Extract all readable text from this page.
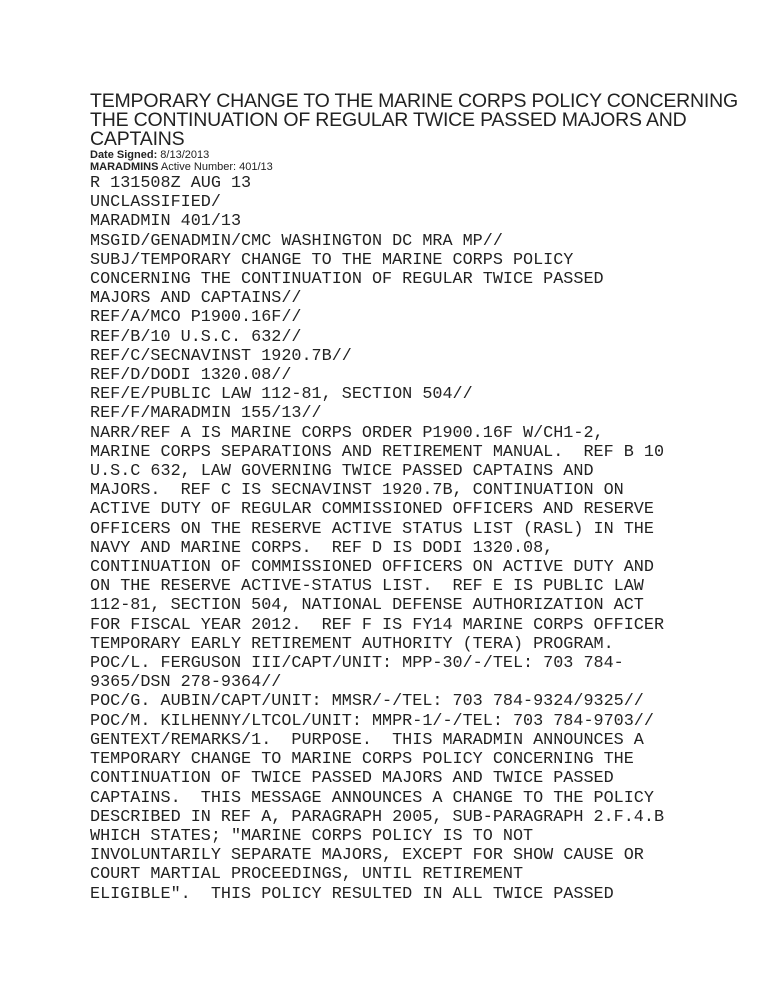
TEMPORARY CHANGE TO THE MARINE CORPS POLICY CONCERNING
THE CONTINUATION OF REGULAR TWICE PASSED MAJORS AND
CAPTAINS
Date Signed: 8/13/2013
MARADMINS Active Number: 401/13
R 131508Z AUG 13
UNCLASSIFIED/
MARADMIN 401/13
MSGID/GENADMIN/CMC WASHINGTON DC MRA MP//
SUBJ/TEMPORARY CHANGE TO THE MARINE CORPS POLICY
CONCERNING THE CONTINUATION OF REGULAR TWICE PASSED
MAJORS AND CAPTAINS//
REF/A/MCO P1900.16F//
REF/B/10 U.S.C. 632//
REF/C/SECNAVINST 1920.7B//
REF/D/DODI 1320.08//
REF/E/PUBLIC LAW 112-81, SECTION 504//
REF/F/MARADMIN 155/13//
NARR/REF A IS MARINE CORPS ORDER P1900.16F W/CH1-2,
MARINE CORPS SEPARATIONS AND RETIREMENT MANUAL.  REF B 10
U.S.C 632, LAW GOVERNING TWICE PASSED CAPTAINS AND
MAJORS.  REF C IS SECNAVINST 1920.7B, CONTINUATION ON
ACTIVE DUTY OF REGULAR COMMISSIONED OFFICERS AND RESERVE
OFFICERS ON THE RESERVE ACTIVE STATUS LIST (RASL) IN THE
NAVY AND MARINE CORPS.  REF D IS DODI 1320.08,
CONTINUATION OF COMMISSIONED OFFICERS ON ACTIVE DUTY AND
ON THE RESERVE ACTIVE-STATUS LIST.  REF E IS PUBLIC LAW
112-81, SECTION 504, NATIONAL DEFENSE AUTHORIZATION ACT
FOR FISCAL YEAR 2012.  REF F IS FY14 MARINE CORPS OFFICER
TEMPORARY EARLY RETIREMENT AUTHORITY (TERA) PROGRAM.
POC/L. FERGUSON III/CAPT/UNIT: MPP-30/-/TEL: 703 784-
9365/DSN 278-9364//
POC/G. AUBIN/CAPT/UNIT: MMSR/-/TEL: 703 784-9324/9325//
POC/M. KILHENNY/LTCOL/UNIT: MMPR-1/-/TEL: 703 784-9703//
GENTEXT/REMARKS/1.  PURPOSE.  THIS MARADMIN ANNOUNCES A
TEMPORARY CHANGE TO MARINE CORPS POLICY CONCERNING THE
CONTINUATION OF TWICE PASSED MAJORS AND TWICE PASSED
CAPTAINS.  THIS MESSAGE ANNOUNCES A CHANGE TO THE POLICY
DESCRIBED IN REF A, PARAGRAPH 2005, SUB-PARAGRAPH 2.F.4.B
WHICH STATES; "MARINE CORPS POLICY IS TO NOT
INVOLUNTARILY SEPARATE MAJORS, EXCEPT FOR SHOW CAUSE OR
COURT MARTIAL PROCEEDINGS, UNTIL RETIREMENT
ELIGIBLE".  THIS POLICY RESULTED IN ALL TWICE PASSED
